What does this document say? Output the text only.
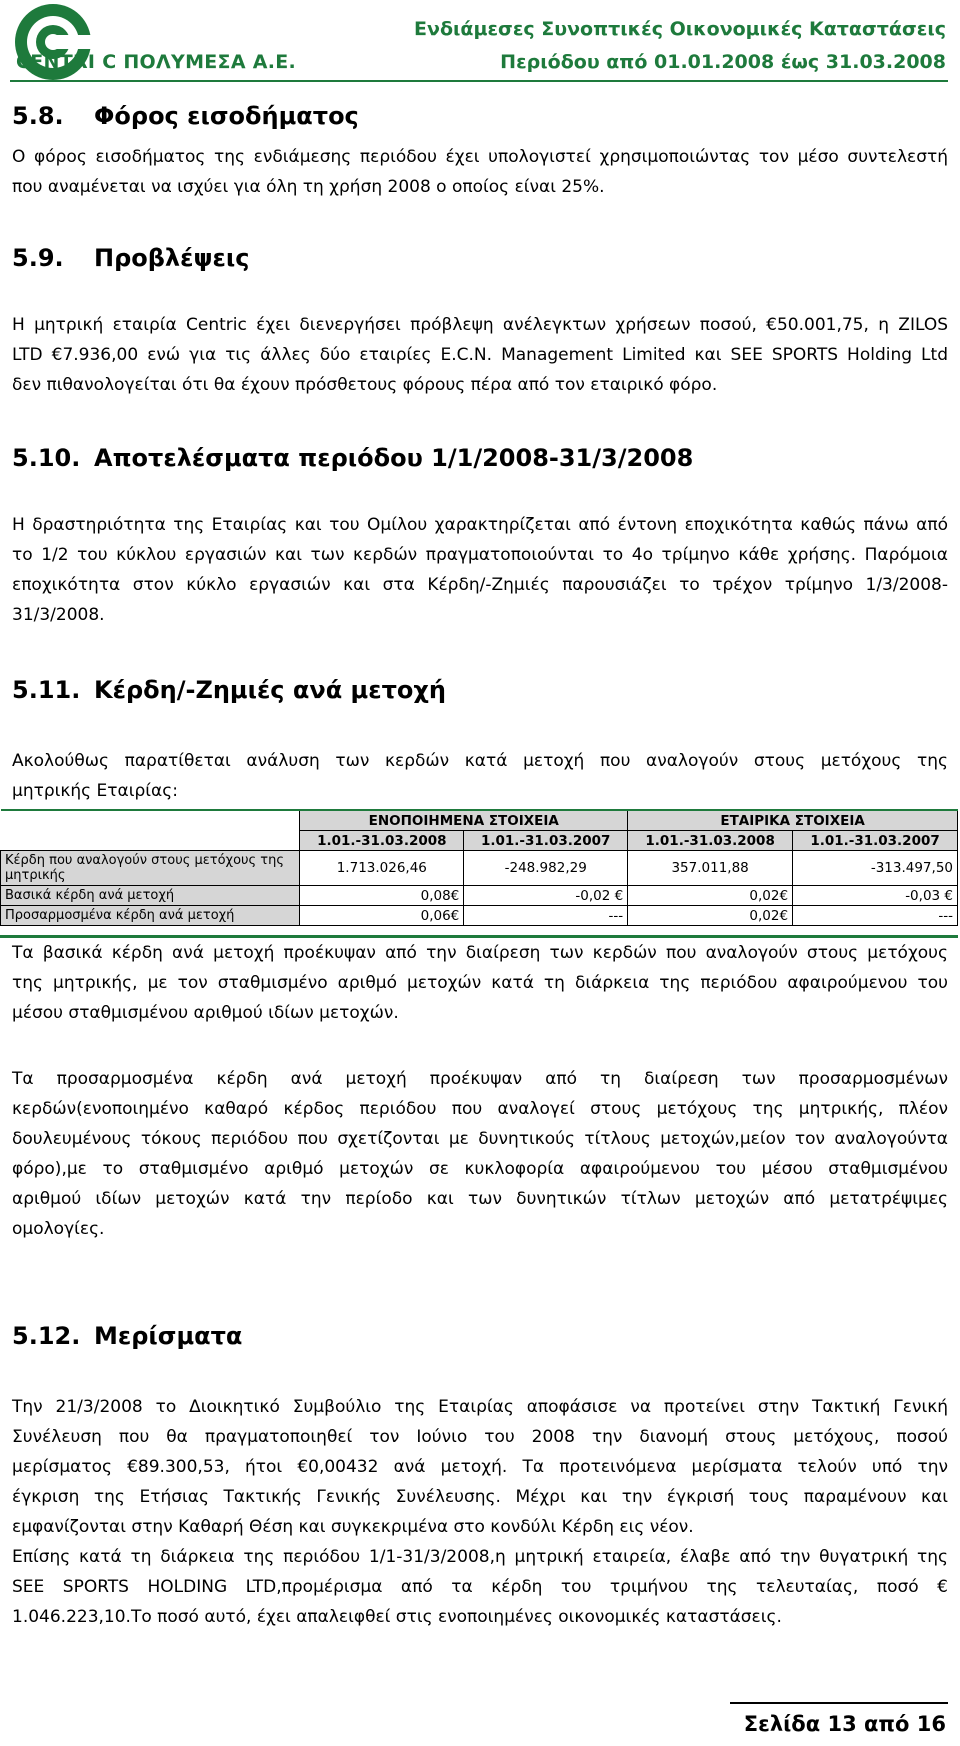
CENTRI C ΠΟΛΥΜΕΣΑ Α.Ε.
Ενδιάμεσες Συνοπτικές Οικονομικές Καταστάσεις
Περιόδου από 01.01.2008 έως 31.03.2008
5.8. Φόρος εισοδήματος
Ο φόρος εισοδήματος της ενδιάμεσης περιόδου έχει υπολογιστεί χρησιμοποιώντας τον μέσο συντελεστή
που αναμένεται να ισχύει για όλη τη χρήση 2008 ο οποίος είναι 25%.
5.9. Προβλέψεις
Η μητρική εταιρία Centric έχει διενεργήσει πρόβλεψη ανέλεγκτων χρήσεων ποσού, €50.001,75, η ZILOS
LTD €7.936,00 ενώ για τις άλλες δύο εταιρίες E.C.N. Management Limited και SEE SPORTS Holding Ltd
δεν πιθανολογείται ότι θα έχουν πρόσθετους φόρους πέρα από τον εταιρικό φόρο.
5.10. Αποτελέσματα περιόδου 1/1/2008-31/3/2008
Η δραστηριότητα της Εταιρίας και του Ομίλου χαρακτηρίζεται από έντονη εποχικότητα καθώς πάνω από
το 1/2 του κύκλου εργασιών και των κερδών πραγματοποιούνται το 4ο τρίμηνο κάθε χρήσης. Παρόμοια
εποχικότητα στον κύκλο εργασιών και στα Κέρδη/-Ζημιές παρουσιάζει το τρέχον τρίμηνο 1/3/2008-
31/3/2008.
5.11. Κέρδη/-Ζημιές ανά μετοχή
Ακολούθως παρατίθεται ανάλυση των κερδών κατά μετοχή που αναλογούν στους μετόχους της
μητρικής Εταιρίας:
	ΕΝΟΠΟΙΗΜΕΝΑ ΣΤΟΙΧΕΙΑ		ΕΤΑΙΡΙΚΑ ΣΤΟΙΧΕΙΑ	
	1.01.-31.03.2008	1.01.-31.03.2007	1.01.-31.03.2008	1.01.-31.03.2007
Κέρδη που αναλογούν στους μετόχους της μητρικής	1.713.026,46	-248.982,29	357.011,88	-313.497,50
Βασικά κέρδη ανά μετοχή	0,08€	-0,02 €	0,02€	-0,03 €
Προσαρμοσμένα κέρδη ανά μετοχή	0,06€	---	0,02€	---
Τα βασικά κέρδη ανά μετοχή προέκυψαν από την διαίρεση των κερδών που αναλογούν στους μετόχους
της μητρικής, με τον σταθμισμένο αριθμό μετοχών κατά τη διάρκεια της περιόδου αφαιρούμενου του
μέσου σταθμισμένου αριθμού ιδίων μετοχών.
Τα προσαρμοσμένα κέρδη ανά μετοχή προέκυψαν από τη διαίρεση των προσαρμοσμένων
κερδών(ενοποιημένο καθαρό κέρδος περιόδου που αναλογεί στους μετόχους της μητρικής, πλέον
δουλευμένους τόκους περιόδου που σχετίζονται με δυνητικούς τίτλους μετοχών,μείον τον αναλογούντα
φόρο),με το σταθμισμένο αριθμό μετοχών σε κυκλοφορία αφαιρούμενου του μέσου σταθμισμένου
αριθμού ιδίων μετοχών κατά την περίοδο και των δυνητικών τίτλων μετοχών από μετατρέψιμες
ομολογίες.
5.12. Μερίσματα
Την 21/3/2008 το Διοικητικό Συμβούλιο της Εταιρίας αποφάσισε να προτείνει στην Τακτική Γενική
Συνέλευση που θα πραγματοποιηθεί τον Ιούνιο του 2008 την διανομή στους μετόχους, ποσού
μερίσματος €89.300,53, ήτοι €0,00432 ανά μετοχή. Τα προτεινόμενα μερίσματα τελούν υπό την
έγκριση της Ετήσιας Τακτικής Γενικής Συνέλευσης. Μέχρι και την έγκρισή τους παραμένουν και
εμφανίζονται στην Καθαρή Θέση και συγκεκριμένα στο κονδύλι Κέρδη εις νέον.
Επίσης κατά τη διάρκεια της περιόδου 1/1-31/3/2008,η μητρική εταιρεία, έλαβε από την θυγατρική της
SEE SPORTS HOLDING LTD,προμέρισμα από τα κέρδη του τριμήνου της τελευταίας, ποσό €
1.046.223,10.Το ποσό αυτό, έχει απαλειφθεί στις ενοποιημένες οικονομικές καταστάσεις.
Σελίδα 13 από 16
